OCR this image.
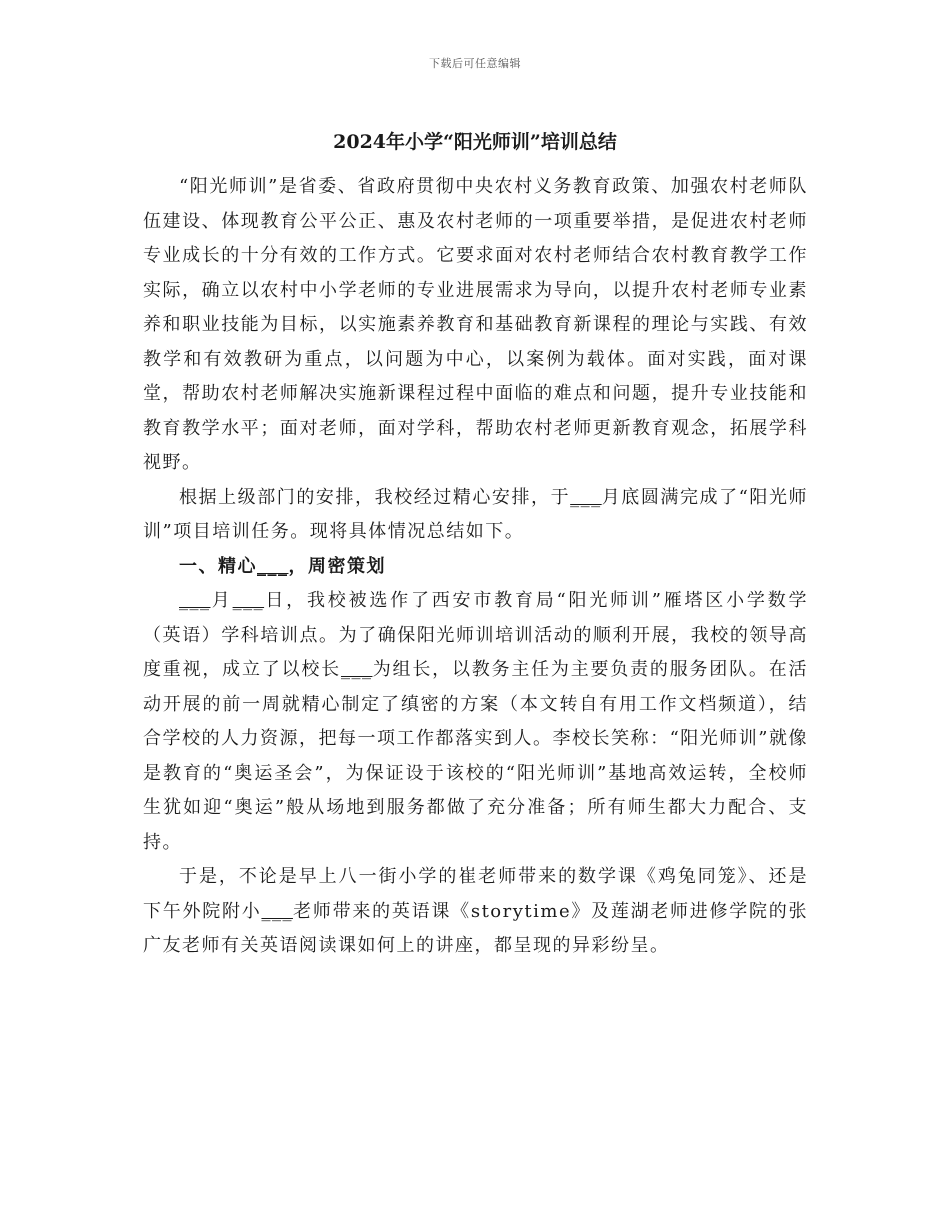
下载后可任意编辑
2024年小学“阳光师训”培训总结

“阳光师训”是省委、省政府贯彻中央农村义务教育政策、加强农村老师队伍建设、体现教育公平公正、惠及农村老师的一项重要举措，是促进农村老师专业成长的十分有效的工作方式。它要求面对农村老师结合农村教育教学工作实际，确立以农村中小学老师的专业进展需求为导向，以提升农村老师专业素养和职业技能为目标，以实施素养教育和基础教育新课程的理论与实践、有效教学和有效教研为重点，以问题为中心，以案例为载体。面对实践，面对课堂，帮助农村老师解决实施新课程过程中面临的难点和问题，提升专业技能和教育教学水平；面对老师，面对学科，帮助农村老师更新教育观念，拓展学科视野。

根据上级部门的安排，我校经过精心安排，于___月底圆满完成了“阳光师训”项目培训任务。现将具体情况总结如下。

一、精心___，周密策划

___月___日，我校被选作了西安市教育局“阳光师训”雁塔区小学数学（英语）学科培训点。为了确保阳光师训培训活动的顺利开展，我校的领导高度重视，成立了以校长___为组长，以教务主任为主要负责的服务团队。在活动开展的前一周就精心制定了缜密的方案（本文转自有用工作文档频道），结合学校的人力资源，把每一项工作都落实到人。李校长笑称：“阳光师训”就像是教育的“奥运圣会”，为保证设于该校的“阳光师训”基地高效运转，全校师生犹如迎“奥运”般从场地到服务都做了充分准备；所有师生都大力配合、支持。

于是，不论是早上八一街小学的崔老师带来的数学课《鸡兔同笼》、还是下午外院附小___老师带来的英语课《storytime》及莲湖老师进修学院的张广友老师有关英语阅读课如何上的讲座，都呈现的异彩纷呈。
